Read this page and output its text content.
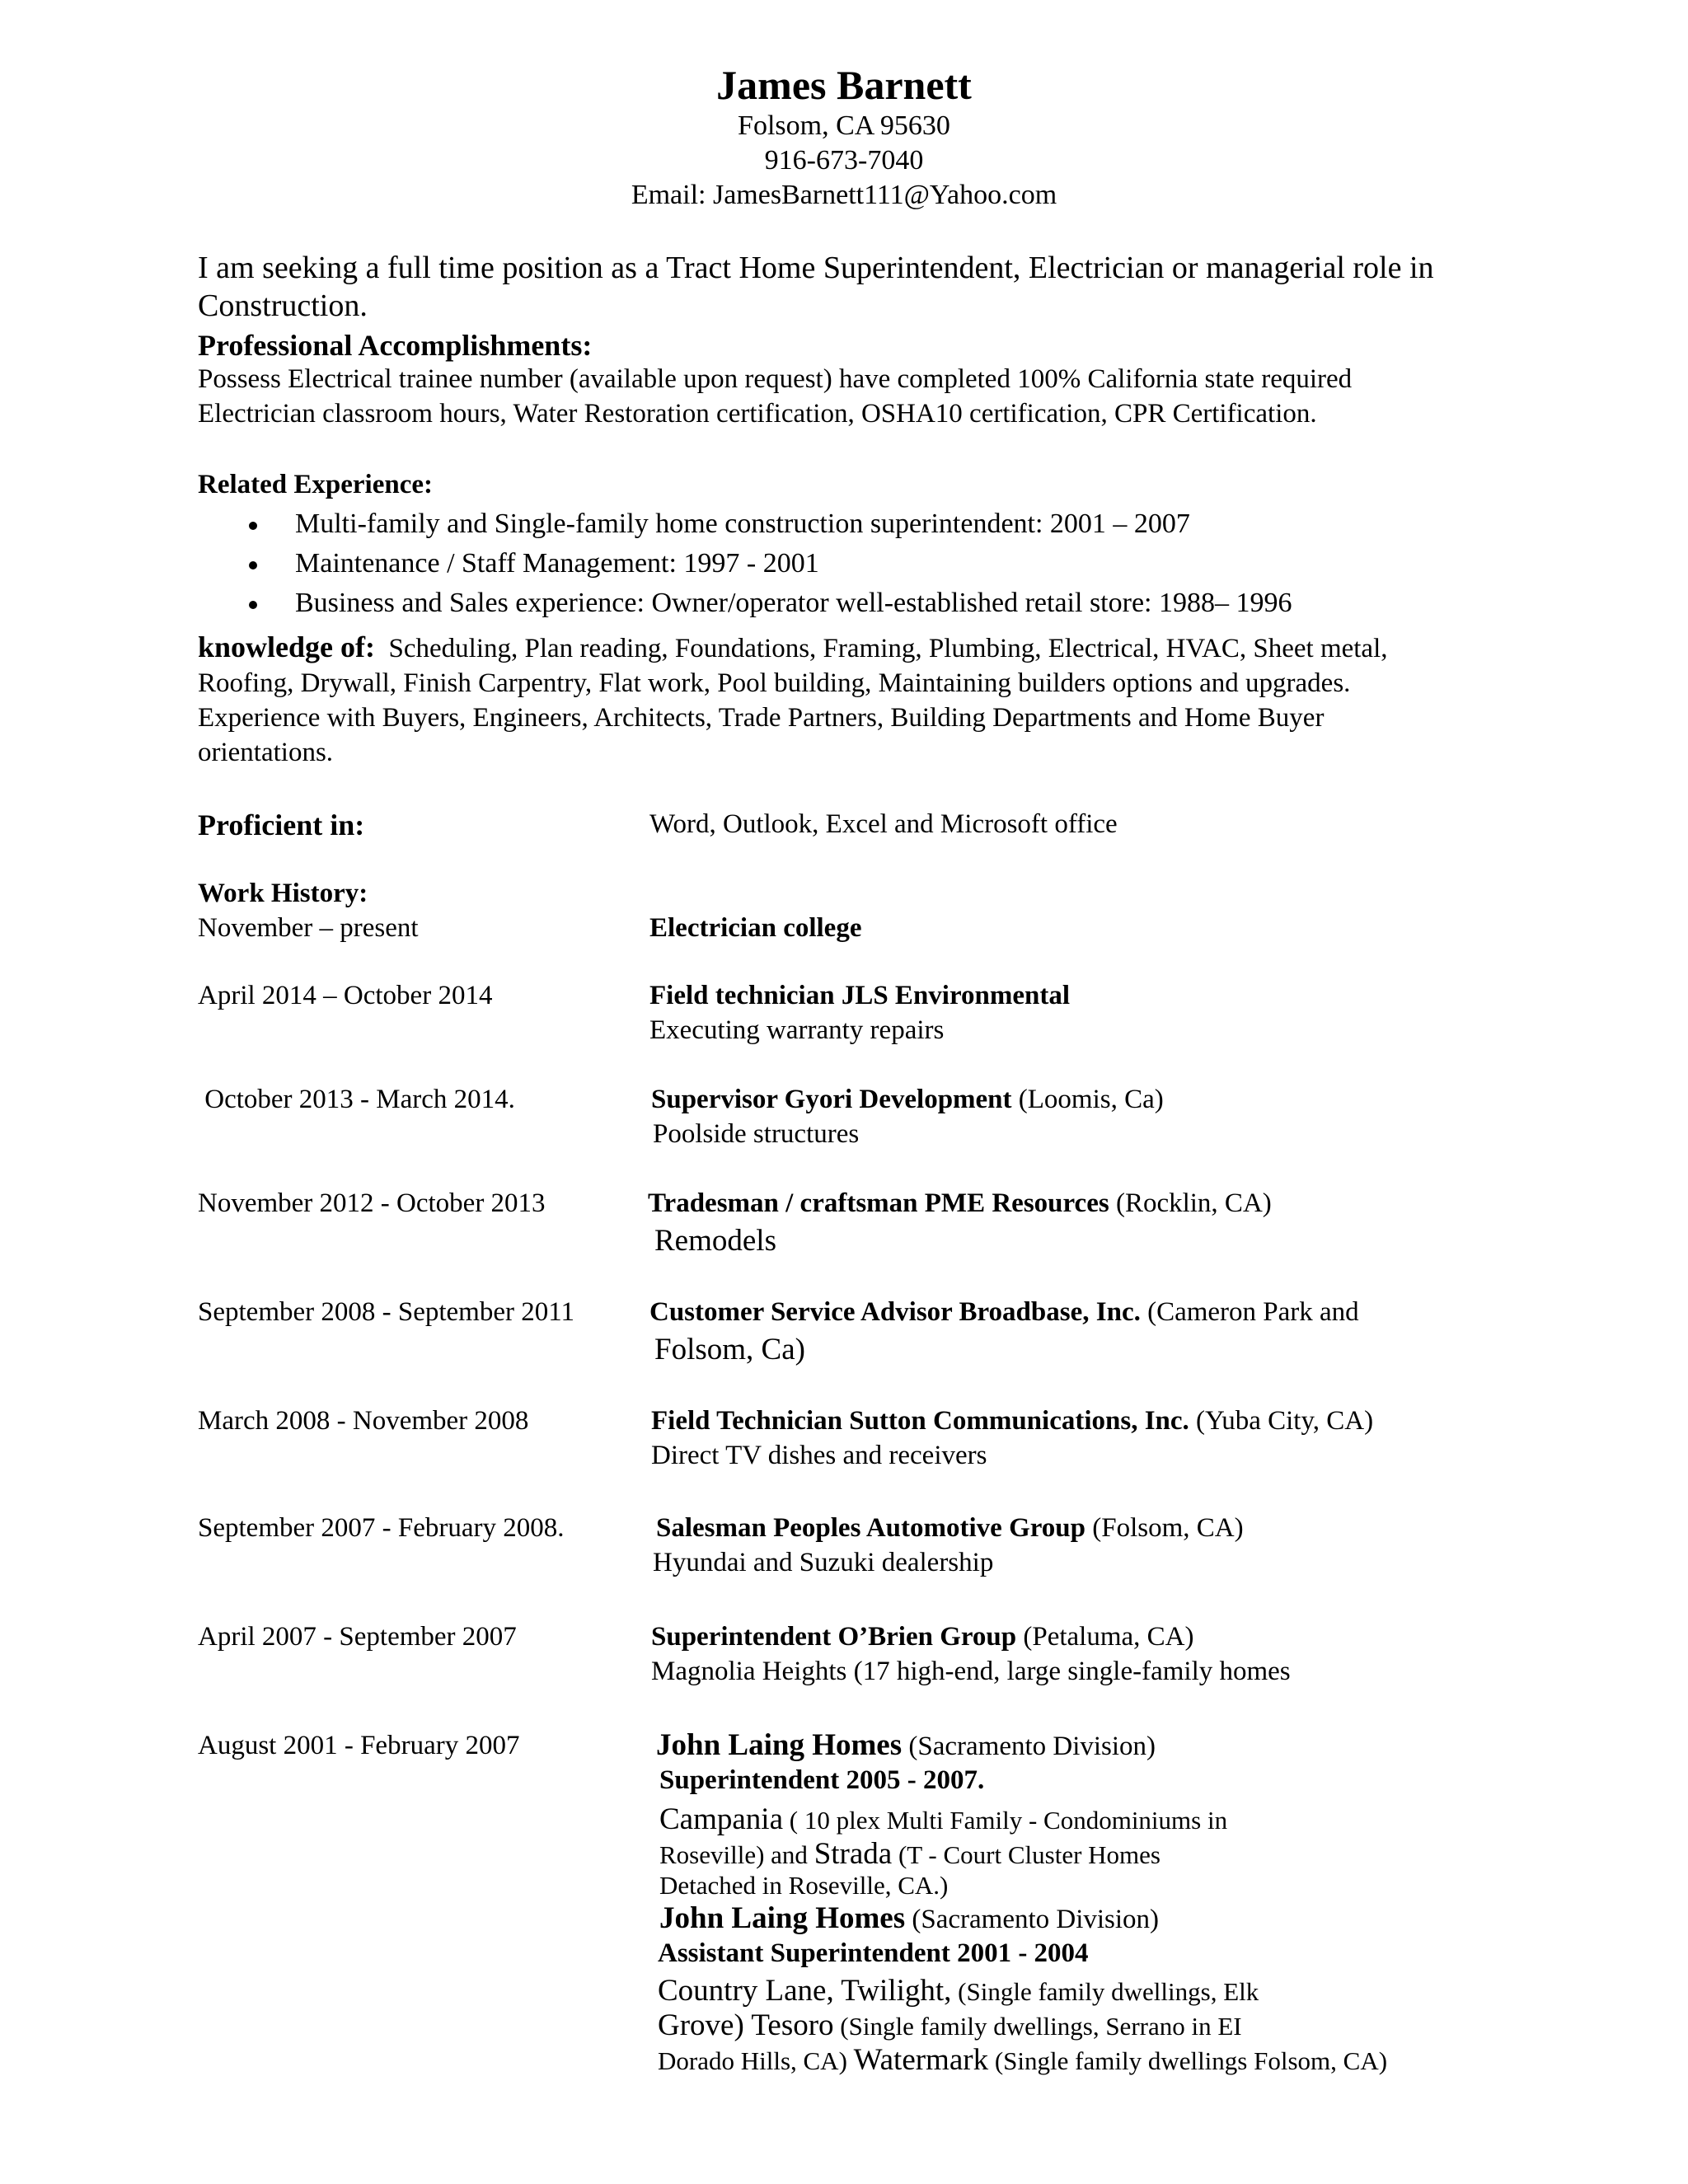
James Barnett
Folsom, CA 95630
916-673-7040
Email: JamesBarnett111@Yahoo.com
I am seeking a full time position as a Tract Home Superintendent, Electrician or managerial role in Construction.
Professional Accomplishments:
Possess Electrical trainee number (available upon request) have completed 100% California state required
Electrician classroom hours, Water Restoration certification, OSHA10 certification, CPR Certification.
Related Experience:
Multi-family and Single-family home construction superintendent: 2001 – 2007
Maintenance / Staff Management: 1997 - 2001
Business and Sales experience: Owner/operator well-established retail store: 1988– 1996
knowledge of: Scheduling, Plan reading, Foundations, Framing, Plumbing, Electrical, HVAC, Sheet metal, Roofing, Drywall, Finish Carpentry, Flat work, Pool building, Maintaining builders options and upgrades. Experience with Buyers, Engineers, Architects, Trade Partners, Building Departments and Home Buyer orientations.
Proficient in:	Word, Outlook, Excel and Microsoft office
Work History:
November – present	Electrician college
April 2014 – October 2014	Field technician JLS Environmental
Executing warranty repairs
October 2013 - March 2014.	Supervisor Gyori Development (Loomis, Ca)
Poolside structures
November 2012 - October 2013	Tradesman / craftsman PME Resources (Rocklin, CA)
Remodels
September 2008 - September 2011	Customer Service Advisor Broadbase, Inc. (Cameron Park and
Folsom, Ca)
March 2008 - November 2008	Field Technician Sutton Communications, Inc. (Yuba City, CA)
Direct TV dishes and receivers
September 2007 - February 2008.	Salesman Peoples Automotive Group (Folsom, CA)
Hyundai and Suzuki dealership
April 2007 - September 2007	Superintendent O’Brien Group (Petaluma, CA)
Magnolia Heights (17 high-end, large single-family homes
August 2001 - February 2007	John Laing Homes (Sacramento Division)
Superintendent 2005 - 2007.
Campania ( 10 plex Multi Family - Condominiums in
Roseville) and Strada (T - Court Cluster Homes
Detached in Roseville, CA.)
John Laing Homes (Sacramento Division)
Assistant Superintendent 2001 - 2004
Country Lane, Twilight, (Single family dwellings, Elk
Grove) Tesoro (Single family dwellings, Serrano in EI
Dorado Hills, CA) Watermark (Single family dwellings Folsom, CA)
